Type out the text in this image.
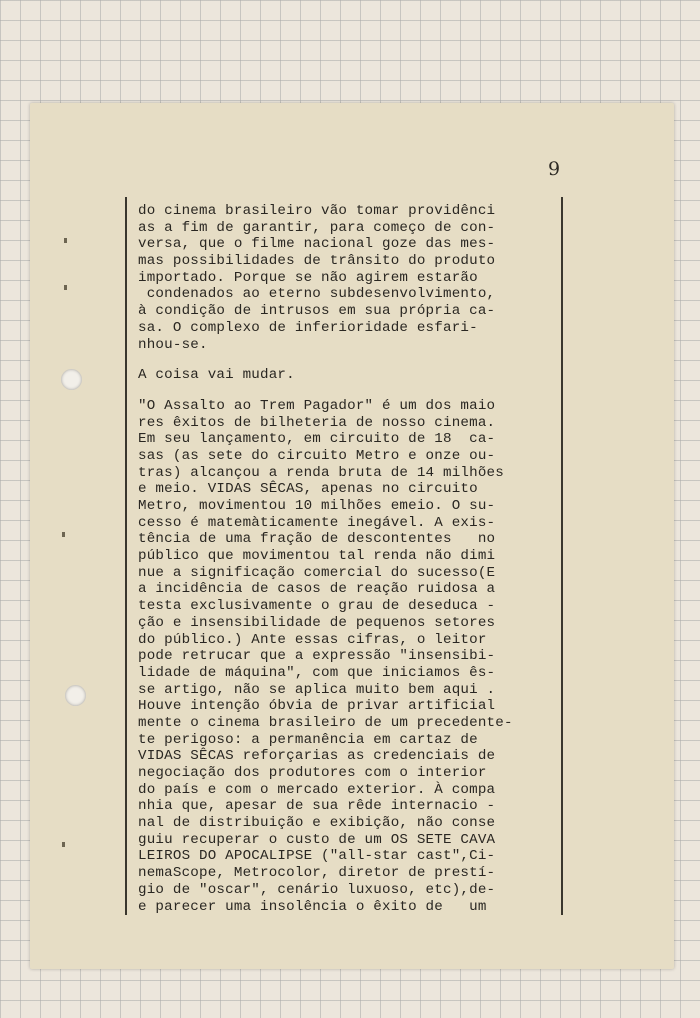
9
do cinema brasileiro vão tomar providênci
as a fim de garantir, para começo de con-
versa, que o filme nacional goze das mes-
mas possibilidades de trânsito do produto
importado. Porque se não agirem estarão
condenados ao eterno subdesenvolvimento,
à condição de intrusos em sua própria ca-
sa. O complexo de inferioridade esfari-
nhou-se.
A coisa vai mudar.
"O Assalto ao Trem Pagador" é um dos maio
res êxitos de bilheteria de nosso cinema.
Em seu lançamento, em circuito de 18  ca-
sas (as sete do circuito Metro e onze ou-
tras) alcançou a renda bruta de 14 milhões
e meio. VIDAS SÊCAS, apenas no circuito
Metro, movimentou 10 milhões emeio. O su-
cesso é matemàticamente inegável. A exis-
tência de uma fração de descontentes   no
público que movimentou tal renda não dimi
nue a significação comercial do sucesso(E
a incidência de casos de reação ruidosa a
testa exclusivamente o grau de deseduca -
ção e insensibilidade de pequenos setores
do público.) Ante essas cifras, o leitor
pode retrucar que a expressão "insensibi-
lidade de máquina", com que iniciamos ês-
se artigo, não se aplica muito bem aqui .
Houve intenção óbvia de privar artificial
mente o cinema brasileiro de um precedente-
te perigoso: a permanência em cartaz de
VIDAS SÊCAS reforçarias as credenciais de
negociação dos produtores com o interior
do país e com o mercado exterior. À compa
nhia que, apesar de sua rêde internacio -
nal de distribuição e exibição, não conse
guiu recuperar o custo de um OS SETE CAVA
LEIROS DO APOCALIPSE ("all-star cast",Ci-
nemaScope, Metrocolor, diretor de prestí-
gio de "oscar", cenário luxuoso, etc),de-
e parecer uma insolência o êxito de   um
